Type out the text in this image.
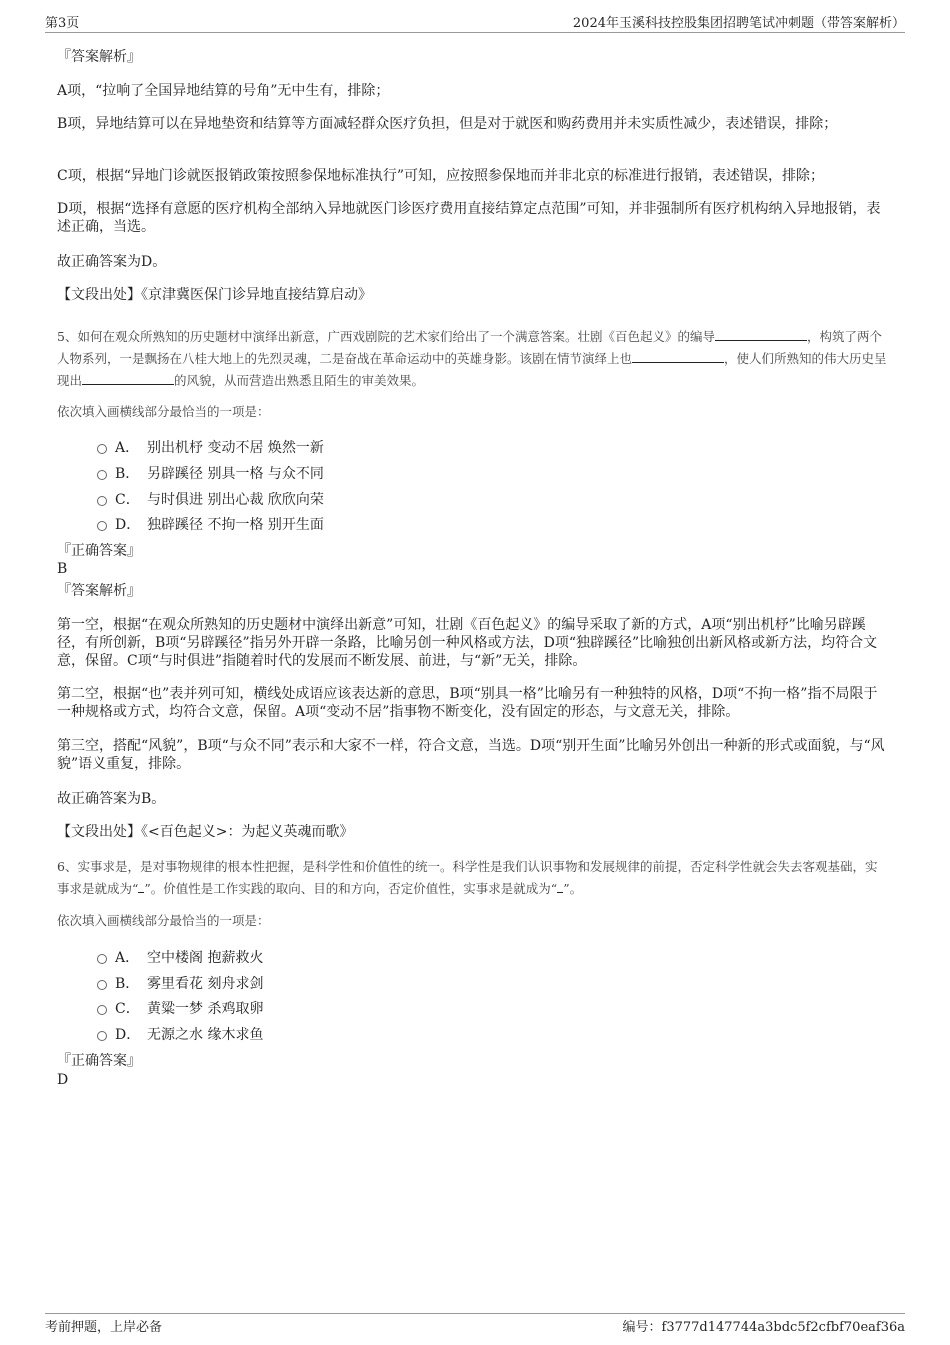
第3页	2024年玉溪科技控股集团招聘笔试冲刺题（带答案解析）
『答案解析』
A项，“拉响了全国异地结算的号角”无中生有，排除；
B项，异地结算可以在异地垫资和结算等方面减轻群众医疗负担，但是对于就医和购药费用并未实质性减少，表述错误，排除；
C项，根据“异地门诊就医报销政策按照参保地标准执行”可知，应按照参保地而并非北京的标准进行报销，表述错误，排除；
D项，根据“选择有意愿的医疗机构全部纳入异地就医门诊医疗费用直接结算定点范围”可知，并非强制所有医疗机构纳入异地报销，表述正确，当选。
故正确答案为D。
【文段出处】《京津冀医保门诊异地直接结算启动》
5、如何在观众所熟知的历史题材中演绎出新意，广西戏剧院的艺术家们给出了一个满意答案。壮剧《百色起义》的编导	，构筑了两个人物系列，一是飘扬在八桂大地上的先烈灵魂，二是奋战在革命运动中的英雄身影。该剧在情节演绎上也	，使人们所熟知的伟大历史呈现出	的风貌，从而营造出熟悉且陌生的审美效果。
依次填入画横线部分最恰当的一项是：
A． 别出机杼 变动不居 焕然一新
B． 另辟蹊径 别具一格 与众不同
C． 与时俱进 别出心裁 欣欣向荣
D． 独辟蹊径 不拘一格 别开生面
『正确答案』
B
『答案解析』
第一空，根据“在观众所熟知的历史题材中演绎出新意”可知，壮剧《百色起义》的编导采取了新的方式，A项“别出机杼”比喻另辟蹊径，有所创新，B项“另辟蹊径”指另外开辟一条路，比喻另创一种风格或方法，D项“独辟蹊径”比喻独创出新风格或新方法，均符合文意，保留。C项“与时俱进”指随着时代的发展而不断发展、前进，与“新”无关，排除。
第二空，根据“也”表并列可知，横线处成语应该表达新的意思，B项“别具一格”比喻另有一种独特的风格，D项“不拘一格”指不局限于一种规格或方式，均符合文意，保留。A项“变动不居”指事物不断变化，没有固定的形态，与文意无关，排除。
第三空，搭配“风貌”，B项“与众不同”表示和大家不一样，符合文意，当选。D项“别开生面”比喻另外创出一种新的形式或面貌，与“风貌”语义重复，排除。
故正确答案为B。
【文段出处】《<百色起义>：为起义英魂而歌》
6、实事求是，是对事物规律的根本性把握，是科学性和价值性的统一。科学性是我们认识事物和发展规律的前提，否定科学性就会失去客观基础，实事求是就成为“ ”。价值性是工作实践的取向、目的和方向，否定价值性，实事求是就成为“ ”。
依次填入画横线部分最恰当的一项是：
A． 空中楼阁 抱薪救火
B． 雾里看花 刻舟求剑
C． 黄粱一梦 杀鸡取卵
D． 无源之水 缘木求鱼
『正确答案』
D
考前押题，上岸必备	编号：f3777d147744a3bdc5f2cfbf70eaf36a
